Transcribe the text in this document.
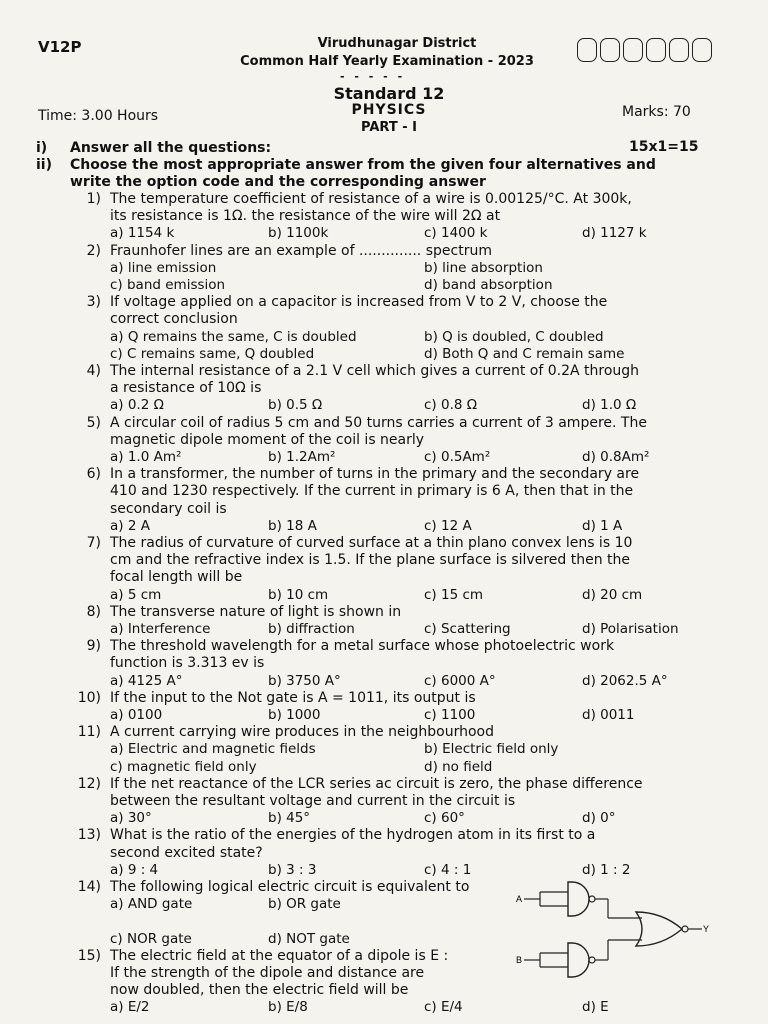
V12P	Virudhunagar District
Common Half Yearly Examination - 2023
- - - - -
Standard 12
PHYSICS
Time: 3.00 Hours	Marks: 70
PART - I
i) Answer all the questions:	15x1=15
ii) Choose the most appropriate answer from the given four alternatives and
write the option code and the corresponding answer
1) The temperature coefficient of resistance of a wire is 0.00125/°C. At 300k,
its resistance is 1Ω. the resistance of the wire will 2Ω at
a) 1154 k	b) 1100k	c) 1400 k	d) 1127 k
2) Fraunhofer lines are an example of .............. spectrum
a) line emission	b) line absorption
c) band emission	d) band absorption
3) If voltage applied on a capacitor is increased from V to 2 V, choose the
correct conclusion
a) Q remains the same, C is doubled	b) Q is doubled, C doubled
c) C remains same, Q doubled	d) Both Q and C remain same
4) The internal resistance of a 2.1 V cell which gives a current of 0.2A through
a resistance of 10Ω is
a) 0.2 Ω	b) 0.5 Ω	c) 0.8 Ω	d) 1.0 Ω
5) A circular coil of radius 5 cm and 50 turns carries a current of 3 ampere. The
magnetic dipole moment of the coil is nearly
a) 1.0 Am²	b) 1.2Am²	c) 0.5Am²	d) 0.8Am²
6) In a transformer, the number of turns in the primary and the secondary are
410 and 1230 respectively. If the current in primary is 6 A, then that in the
secondary coil is
a) 2 A	b) 18 A	c) 12 A	d) 1 A
7) The radius of curvature of curved surface at a thin plano convex lens is 10
cm and the refractive index is 1.5. If the plane surface is silvered then the
focal length will be
a) 5 cm	b) 10 cm	c) 15 cm	d) 20 cm
8) The transverse nature of light is shown in
a) Interference	b) diffraction	c) Scattering	d) Polarisation
9) The threshold wavelength for a metal surface whose photoelectric work
function is 3.313 ev is
a) 4125 A°	b) 3750 A°	c) 6000 A°	d) 2062.5 A°
10) If the input to the Not gate is A = 1011, its output is
a) 0100	b) 1000	c) 1100	d) 0011
11) A current carrying wire produces in the neighbourhood
a) Electric and magnetic fields	b) Electric field only
c) magnetic field only	d) no field
12) If the net reactance of the LCR series ac circuit is zero, the phase difference
between the resultant voltage and current in the circuit is
a) 30°	b) 45°	c) 60°	d) 0°
13) What is the ratio of the energies of the hydrogen atom in its first to a
second excited state?
a) 9 : 4	b) 3 : 3	c) 4 : 1	d) 1 : 2
14) The following logical electric circuit is equivalent to
a) AND gate	b) OR gate
c) NOR gate	d) NOT gate
15) The electric field at the equator of a dipole is E :
If the strength of the dipole and distance are
now doubled, then the electric field will be
a) E/2	b) E/8	c) E/4	d) E
A
B
Y
